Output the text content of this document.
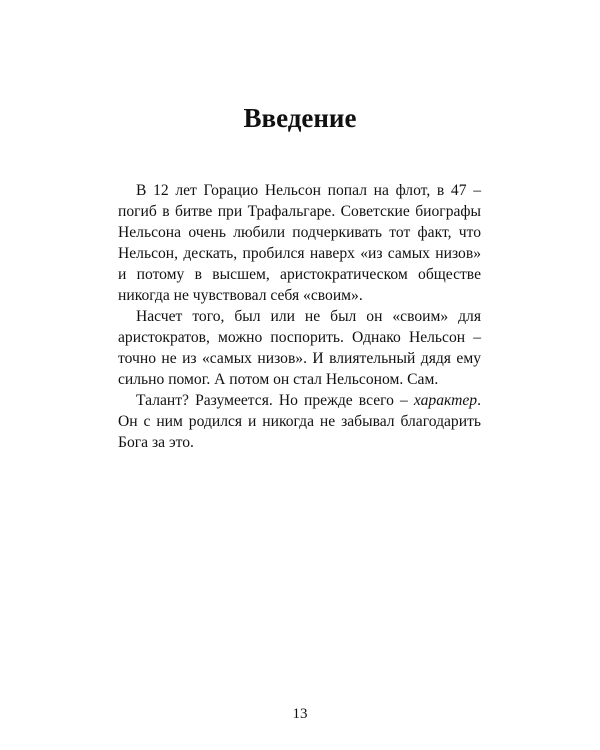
Введение

В 12 лет Горацио Нельсон попал на флот, в 47 – погиб в битве при Трафальгаре. Советские биографы Нельсона очень любили подчеркивать тот факт, что Нельсон, дескать, пробился наверх «из самых низов» и потому в высшем, аристократическом обществе никогда не чувствовал себя «своим».

Насчет того, был или не был он «своим» для аристократов, можно поспорить. Однако Нельсон – точно не из «самых низов». И влиятельный дядя ему сильно помог. А потом он стал Нельсоном. Сам.

Талант? Разумеется. Но прежде всего – характер. Он с ним родился и никогда не забывал благодарить Бога за это.

13
